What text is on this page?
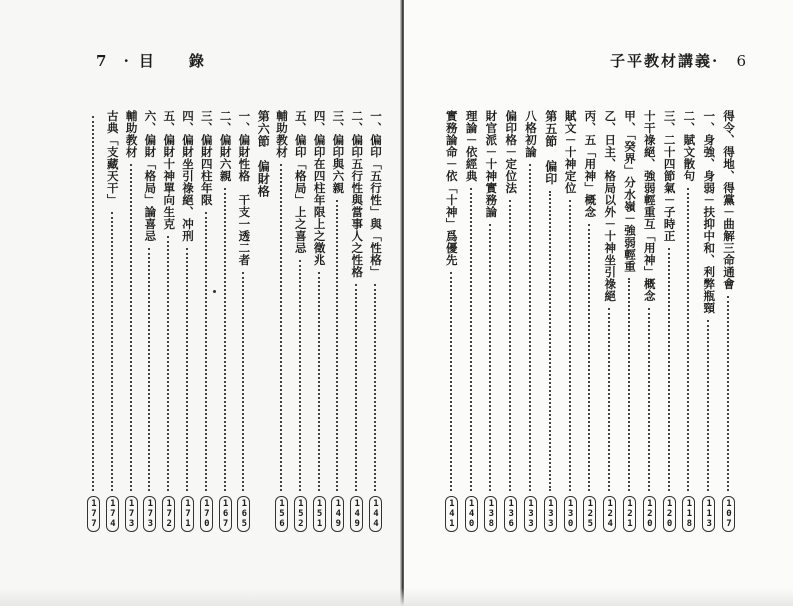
7 ·目　錄
一、偏印「五行性」與「性格」
144
二、偏印五行性與當事人之性格
149
三、偏印與六親
149
四、偏印在四柱年限上之徵兆
151
五、偏印「格局」上之喜忌
152
輔助教材
156
第六節　偏財格
一、偏財性格　干支一透二者
165
二、偏財六親
167
三、偏財四柱年限
170
四、偏財坐引祿絕、冲刑
171
五、偏財十神單向生克
172
六、偏財「格局」論喜忌
173
輔助教材
173
古典「支藏天干」
174
177
子平教材講義· 6
得令、得地、得黨－曲解三命通會
107
一、身強、身弱－扶抑中和、利弊瓶頸
113
二、賦文散句
118
三、二十四節氣－子時正
120
十干祿絕、強弱輕重互「用神」概念
120
甲、「癸界」分水嶺－強弱輕重
121
乙、日主、格局以外－十神坐引祿絕
124
丙、五「用神」概念
125
賦文－十神定位
130
第五節　偏印
133
八格初論
133
偏印格－定位法
136
財官派－十神實務論
138
理論－依經典
140
實務論命－依「十神」爲優先
141
